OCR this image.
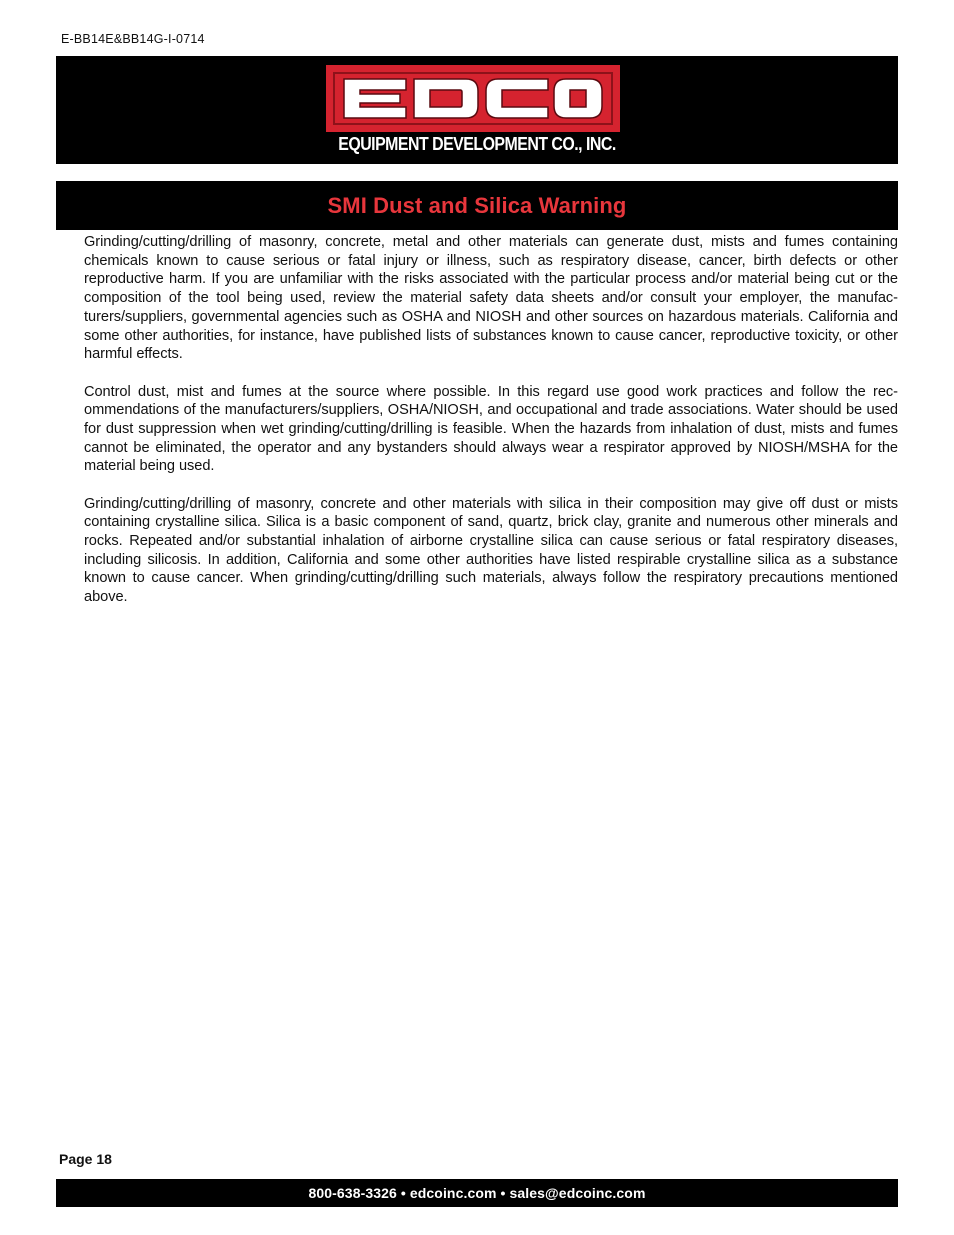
E-BB14E&BB14G-I-0714
EQUIPMENT DEVELOPMENT CO., INC.
SMI Dust and Silica Warning

Grinding/cutting/drilling of masonry, concrete, metal and other materials can generate dust, mists and fumes containing chemicals known to cause serious or fatal injury or illness, such as respiratory disease, cancer, birth defects or other reproductive harm. If you are unfamiliar with the risks associated with the particular process and/or material being cut or the composition of the tool being used, review the material safety data sheets and/or consult your employer, the manufac-turers/suppliers, governmental agencies such as OSHA and NIOSH and other sources on hazardous materials. California and some other authorities, for instance, have published lists of substances known to cause cancer, reproductive toxicity, or other harmful effects.

Control dust, mist and fumes at the source where possible. In this regard use good work practices and follow the rec-ommendations of the manufacturers/suppliers, OSHA/NIOSH, and occupational and trade associations. Water should be used for dust suppression when wet grinding/cutting/drilling is feasible. When the hazards from inhalation of dust, mists and fumes cannot be eliminated, the operator and any bystanders should always wear a respirator approved by NIOSH/MSHA for the material being used.

Grinding/cutting/drilling of masonry, concrete and other materials with silica in their composition may give off dust or mists containing crystalline silica. Silica is a basic component of sand, quartz, brick clay, granite and numerous other minerals and rocks. Repeated and/or substantial inhalation of airborne crystalline silica can cause serious or fatal respiratory diseases, including silicosis. In addition, California and some other authorities have listed respirable crystalline silica as a substance known to cause cancer. When grinding/cutting/drilling such materials, always follow the respiratory precautions mentioned above.

Page 18
800-638-3326 • edcoinc.com • sales@edcoinc.com
